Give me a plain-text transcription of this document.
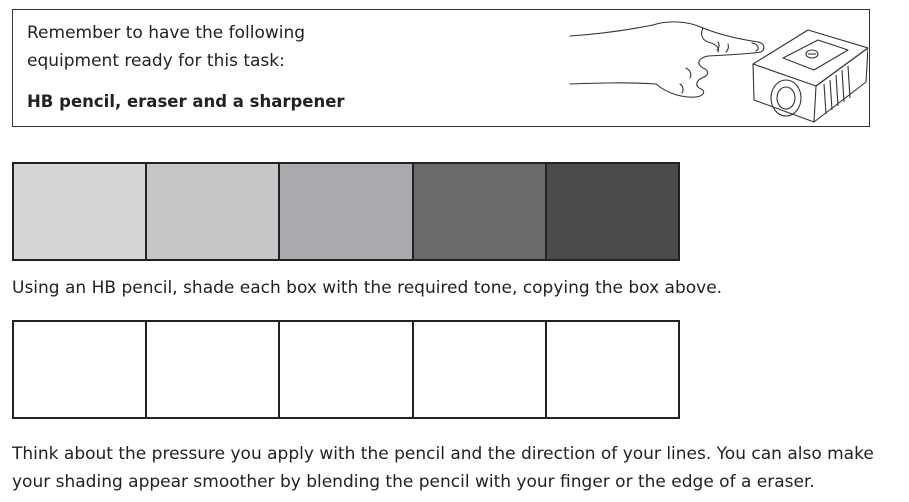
Remember to have the following
equipment ready for this task:
HB pencil, eraser and a sharpener
Using an HB pencil, shade each box with the required tone, copying the box above.
Think about the pressure you apply with the pencil and the direction of your lines. You can also make
your shading appear smoother by blending the pencil with your finger or the edge of a eraser.
